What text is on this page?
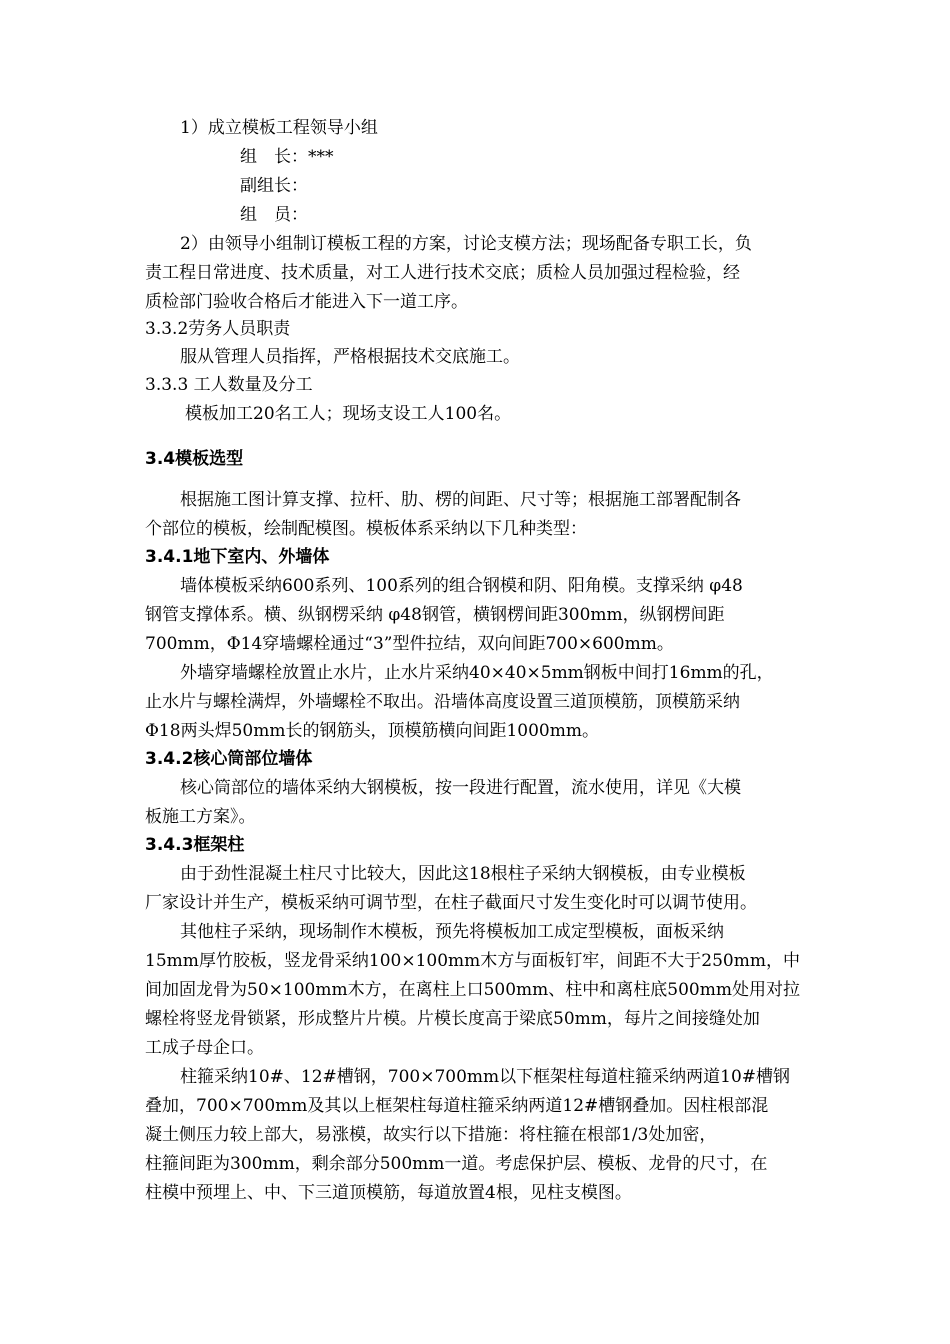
1）成立模板工程领导小组
组　长：***
副组长：
组　员：
2）由领导小组制订模板工程的方案，讨论支模方法；现场配备专职工长，负
责工程日常进度、技术质量，对工人进行技术交底；质检人员加强过程检验，经
质检部门验收合格后才能进入下一道工序。
3.3.2劳务人员职责
服从管理人员指挥，严格根据技术交底施工。
3.3.3 工人数量及分工
模板加工20名工人；现场支设工人100名。
3.4模板选型
根据施工图计算支撑、拉杆、肋、楞的间距、尺寸等；根据施工部署配制各
个部位的模板，绘制配模图。模板体系采纳以下几种类型：
3.4.1地下室内、外墙体
墙体模板采纳600系列、100系列的组合钢模和阴、阳角模。支撑采纳 φ48
钢管支撑体系。横、纵钢楞采纳 φ48钢管，横钢楞间距300mm，纵钢楞间距
700mm，Φ14穿墙螺栓通过“3”型件拉结，双向间距700×600mm。
外墙穿墙螺栓放置止水片，止水片采纳40×40×5mm钢板中间打16mm的孔，
止水片与螺栓满焊，外墙螺栓不取出。沿墙体高度设置三道顶模筋，顶模筋采纳
Φ18两头焊50mm长的钢筋头，顶模筋横向间距1000mm。
3.4.2核心筒部位墙体
核心筒部位的墙体采纳大钢模板，按一段进行配置，流水使用，详见《大模
板施工方案》。
3.4.3框架柱
由于劲性混凝土柱尺寸比较大，因此这18根柱子采纳大钢模板，由专业模板
厂家设计并生产，模板采纳可调节型，在柱子截面尺寸发生变化时可以调节使用。
其他柱子采纳，现场制作木模板，预先将模板加工成定型模板，面板采纳
15mm厚竹胶板，竖龙骨采纳100×100mm木方与面板钉牢，间距不大于250mm，中
间加固龙骨为50×100mm木方，在离柱上口500mm、柱中和离柱底500mm处用对拉
螺栓将竖龙骨锁紧，形成整片片模。片模长度高于梁底50mm，每片之间接缝处加
工成子母企口。
柱箍采纳10#、12#槽钢，700×700mm以下框架柱每道柱箍采纳两道10#槽钢
叠加，700×700mm及其以上框架柱每道柱箍采纳两道12#槽钢叠加。因柱根部混
凝土侧压力较上部大，易涨模，故实行以下措施：将柱箍在根部1/3处加密，
柱箍间距为300mm，剩余部分500mm一道。考虑保护层、模板、龙骨的尺寸，在
柱模中预埋上、中、下三道顶模筋，每道放置4根，见柱支模图。
